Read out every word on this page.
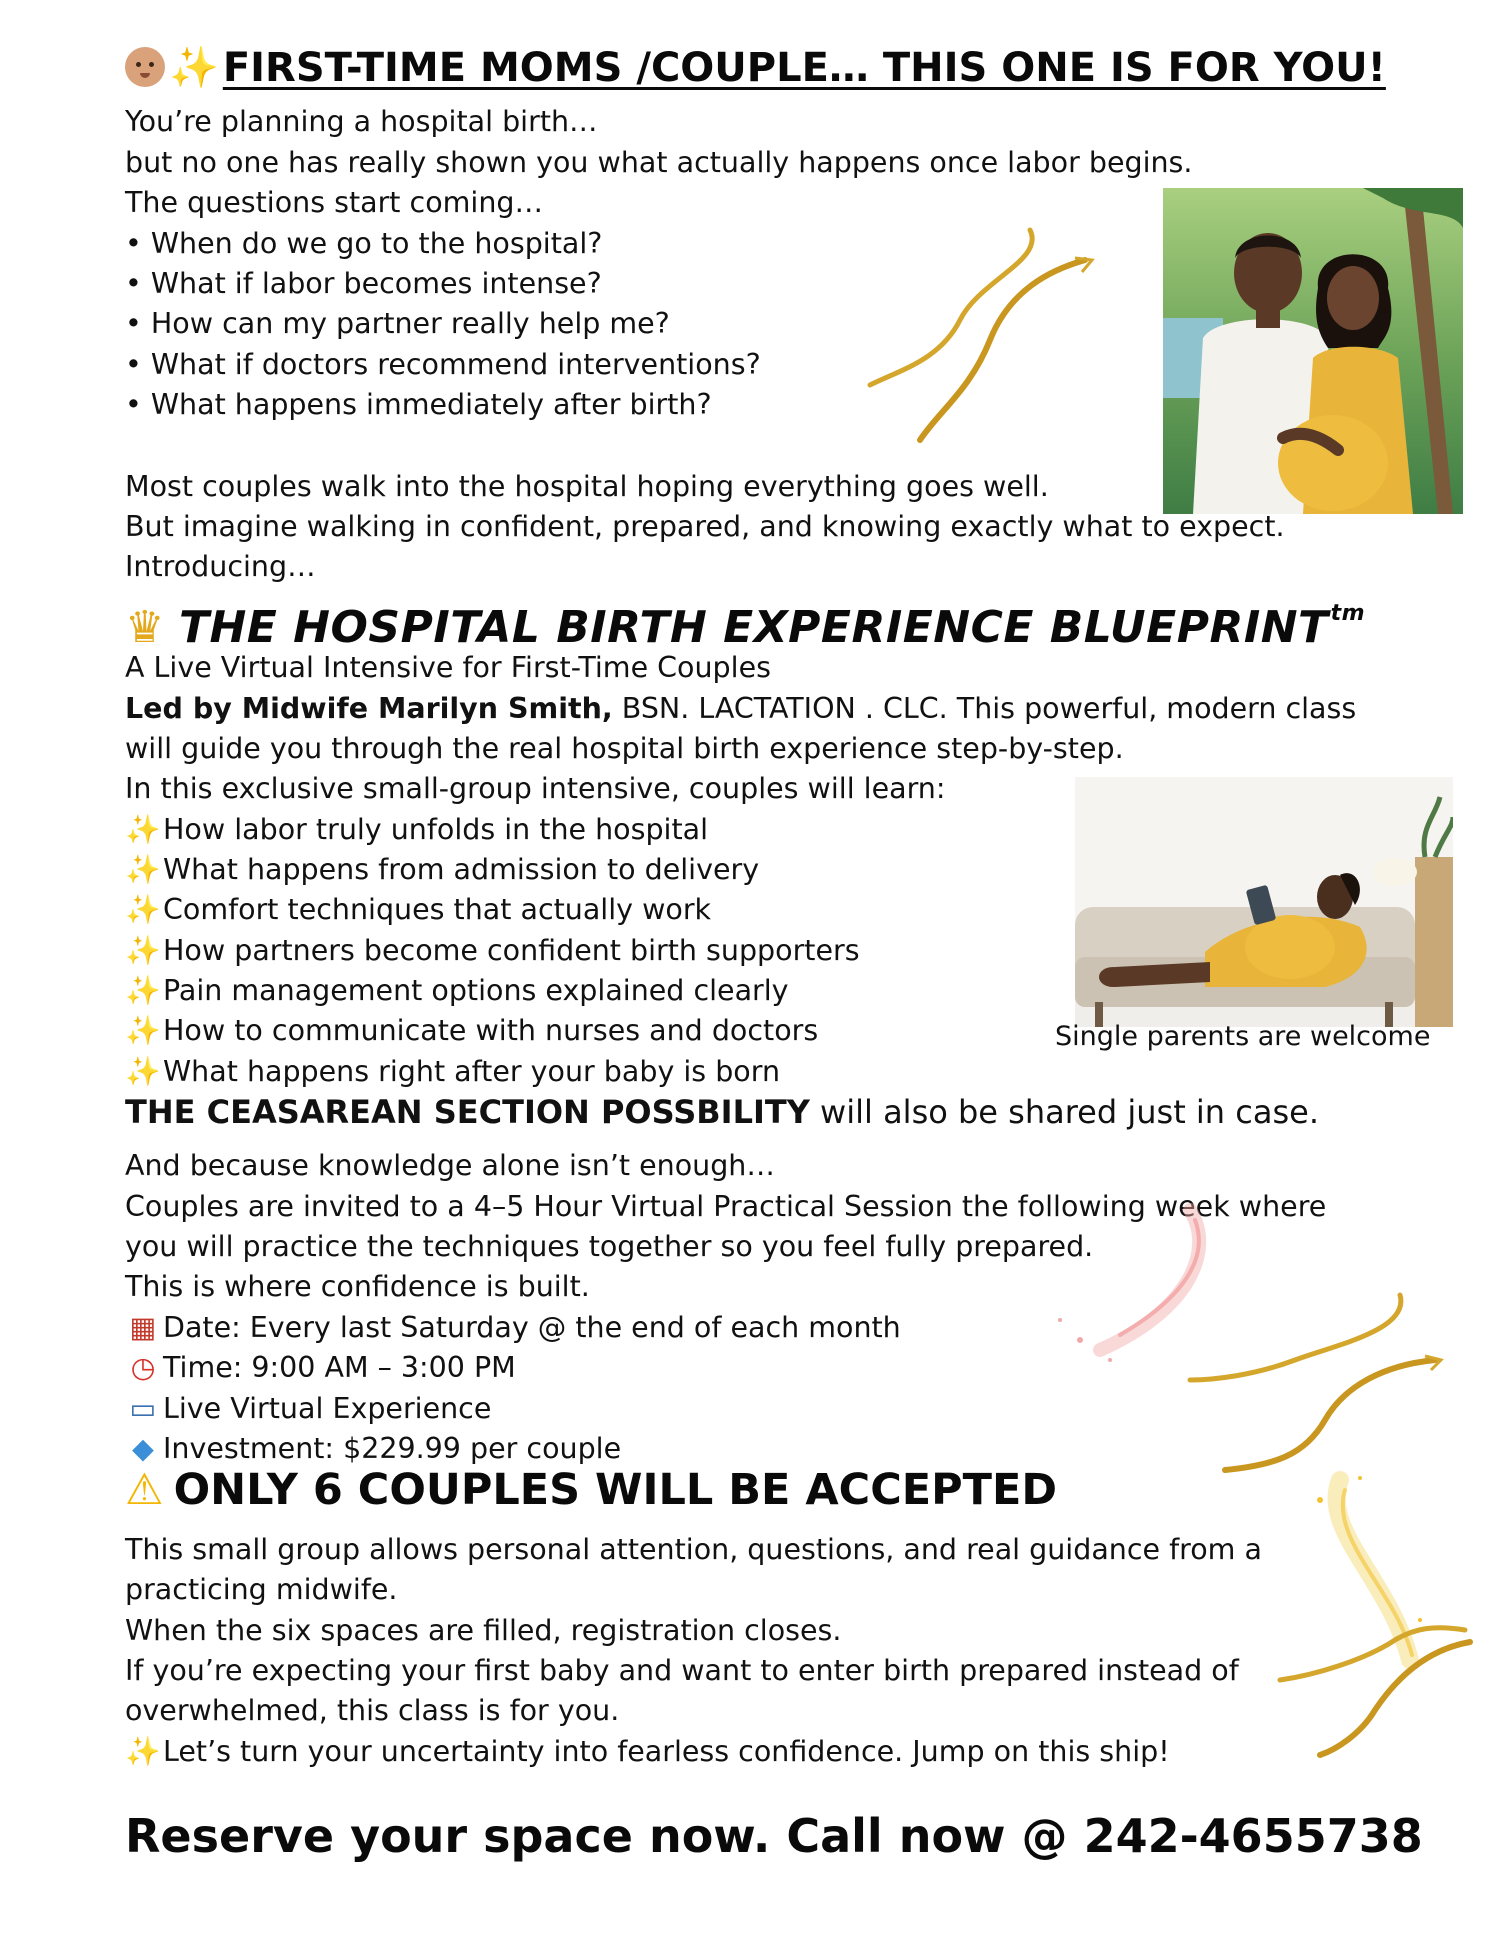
✨ FIRST-TIME MOMS /COUPLE… THIS ONE IS FOR YOU!
You’re planning a hospital birth…
but no one has really shown you what actually happens once labor begins.
The questions start coming…
• When do we go to the hospital?
• What if labor becomes intense?
• How can my partner really help me?
• What if doctors recommend interventions?
• What happens immediately after birth?
Most couples walk into the hospital hoping everything goes well.
But imagine walking in confident, prepared, and knowing exactly what to expect.
Introducing…
♛ THE HOSPITAL BIRTH EXPERIENCE $BLUEPRINT^{tm}$
A Live Virtual Intensive for First-Time Couples
Led by Midwife Marilyn Smith, BSN. LACTATION . CLC. This powerful, modern class
will guide you through the real hospital birth experience step-by-step.
In this exclusive small-group intensive, couples will learn:
✨How labor truly unfolds in the hospital
✨What happens from admission to delivery
✨Comfort techniques that actually work
✨How partners become confident birth supporters
✨Pain management options explained clearly
✨How to communicate with nurses and doctors
✨What happens right after your baby is born
Single parents are welcome
THE CEASAREAN SECTION POSSBILITY will also be shared just in case.
And because knowledge alone isn’t enough…
Couples are invited to a 4–5 Hour Virtual Practical Session the following week where
you will practice the techniques together so you feel fully prepared.
This is where confidence is built.
▦ Date: Every last Saturday @ the end of each month
◷ Time: 9:00 AM – 3:00 PM
▭ Live Virtual Experience
◆ Investment: $229.99 per couple
⚠ ONLY 6 COUPLES WILL BE ACCEPTED
This small group allows personal attention, questions, and real guidance from a
practicing midwife.
When the six spaces are filled, registration closes.
If you’re expecting your first baby and want to enter birth prepared instead of
overwhelmed, this class is for you.
✨Let’s turn your uncertainty into fearless confidence. Jump on this ship!
Reserve your space now. Call now @ 242-4655738
